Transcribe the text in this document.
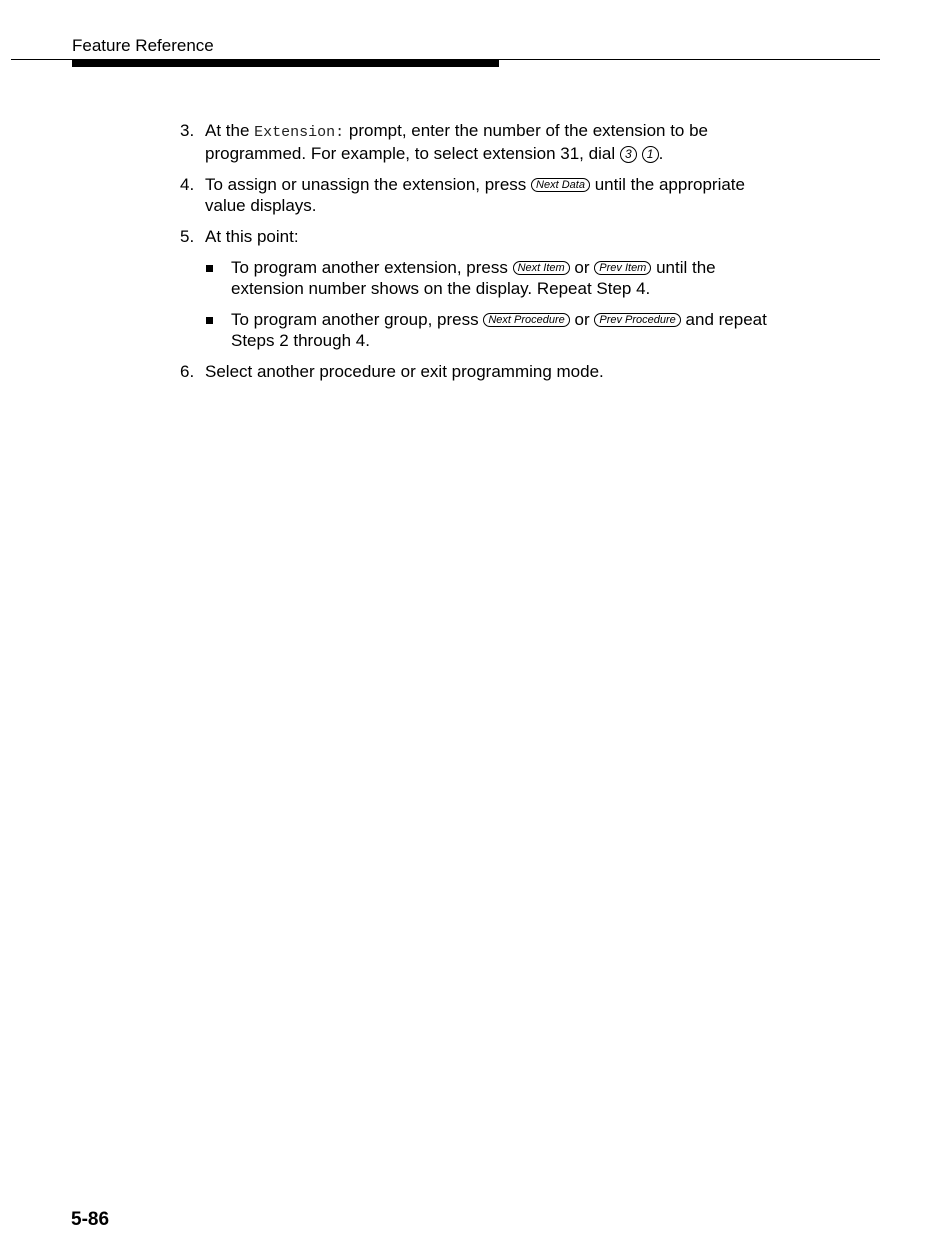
Feature Reference
3. At the Extension: prompt, enter the number of the extension to be programmed. For example, to select extension 31, dial 3 1 .
4. To assign or unassign the extension, press Next Data until the appropriate value displays.
5. At this point:
To program another extension, press Next Item or Prev Item until the extension number shows on the display. Repeat Step 4.
To program another group, press Next Procedure or Prev Procedure and repeat Steps 2 through 4.
6. Select another procedure or exit programming mode.
5-86
